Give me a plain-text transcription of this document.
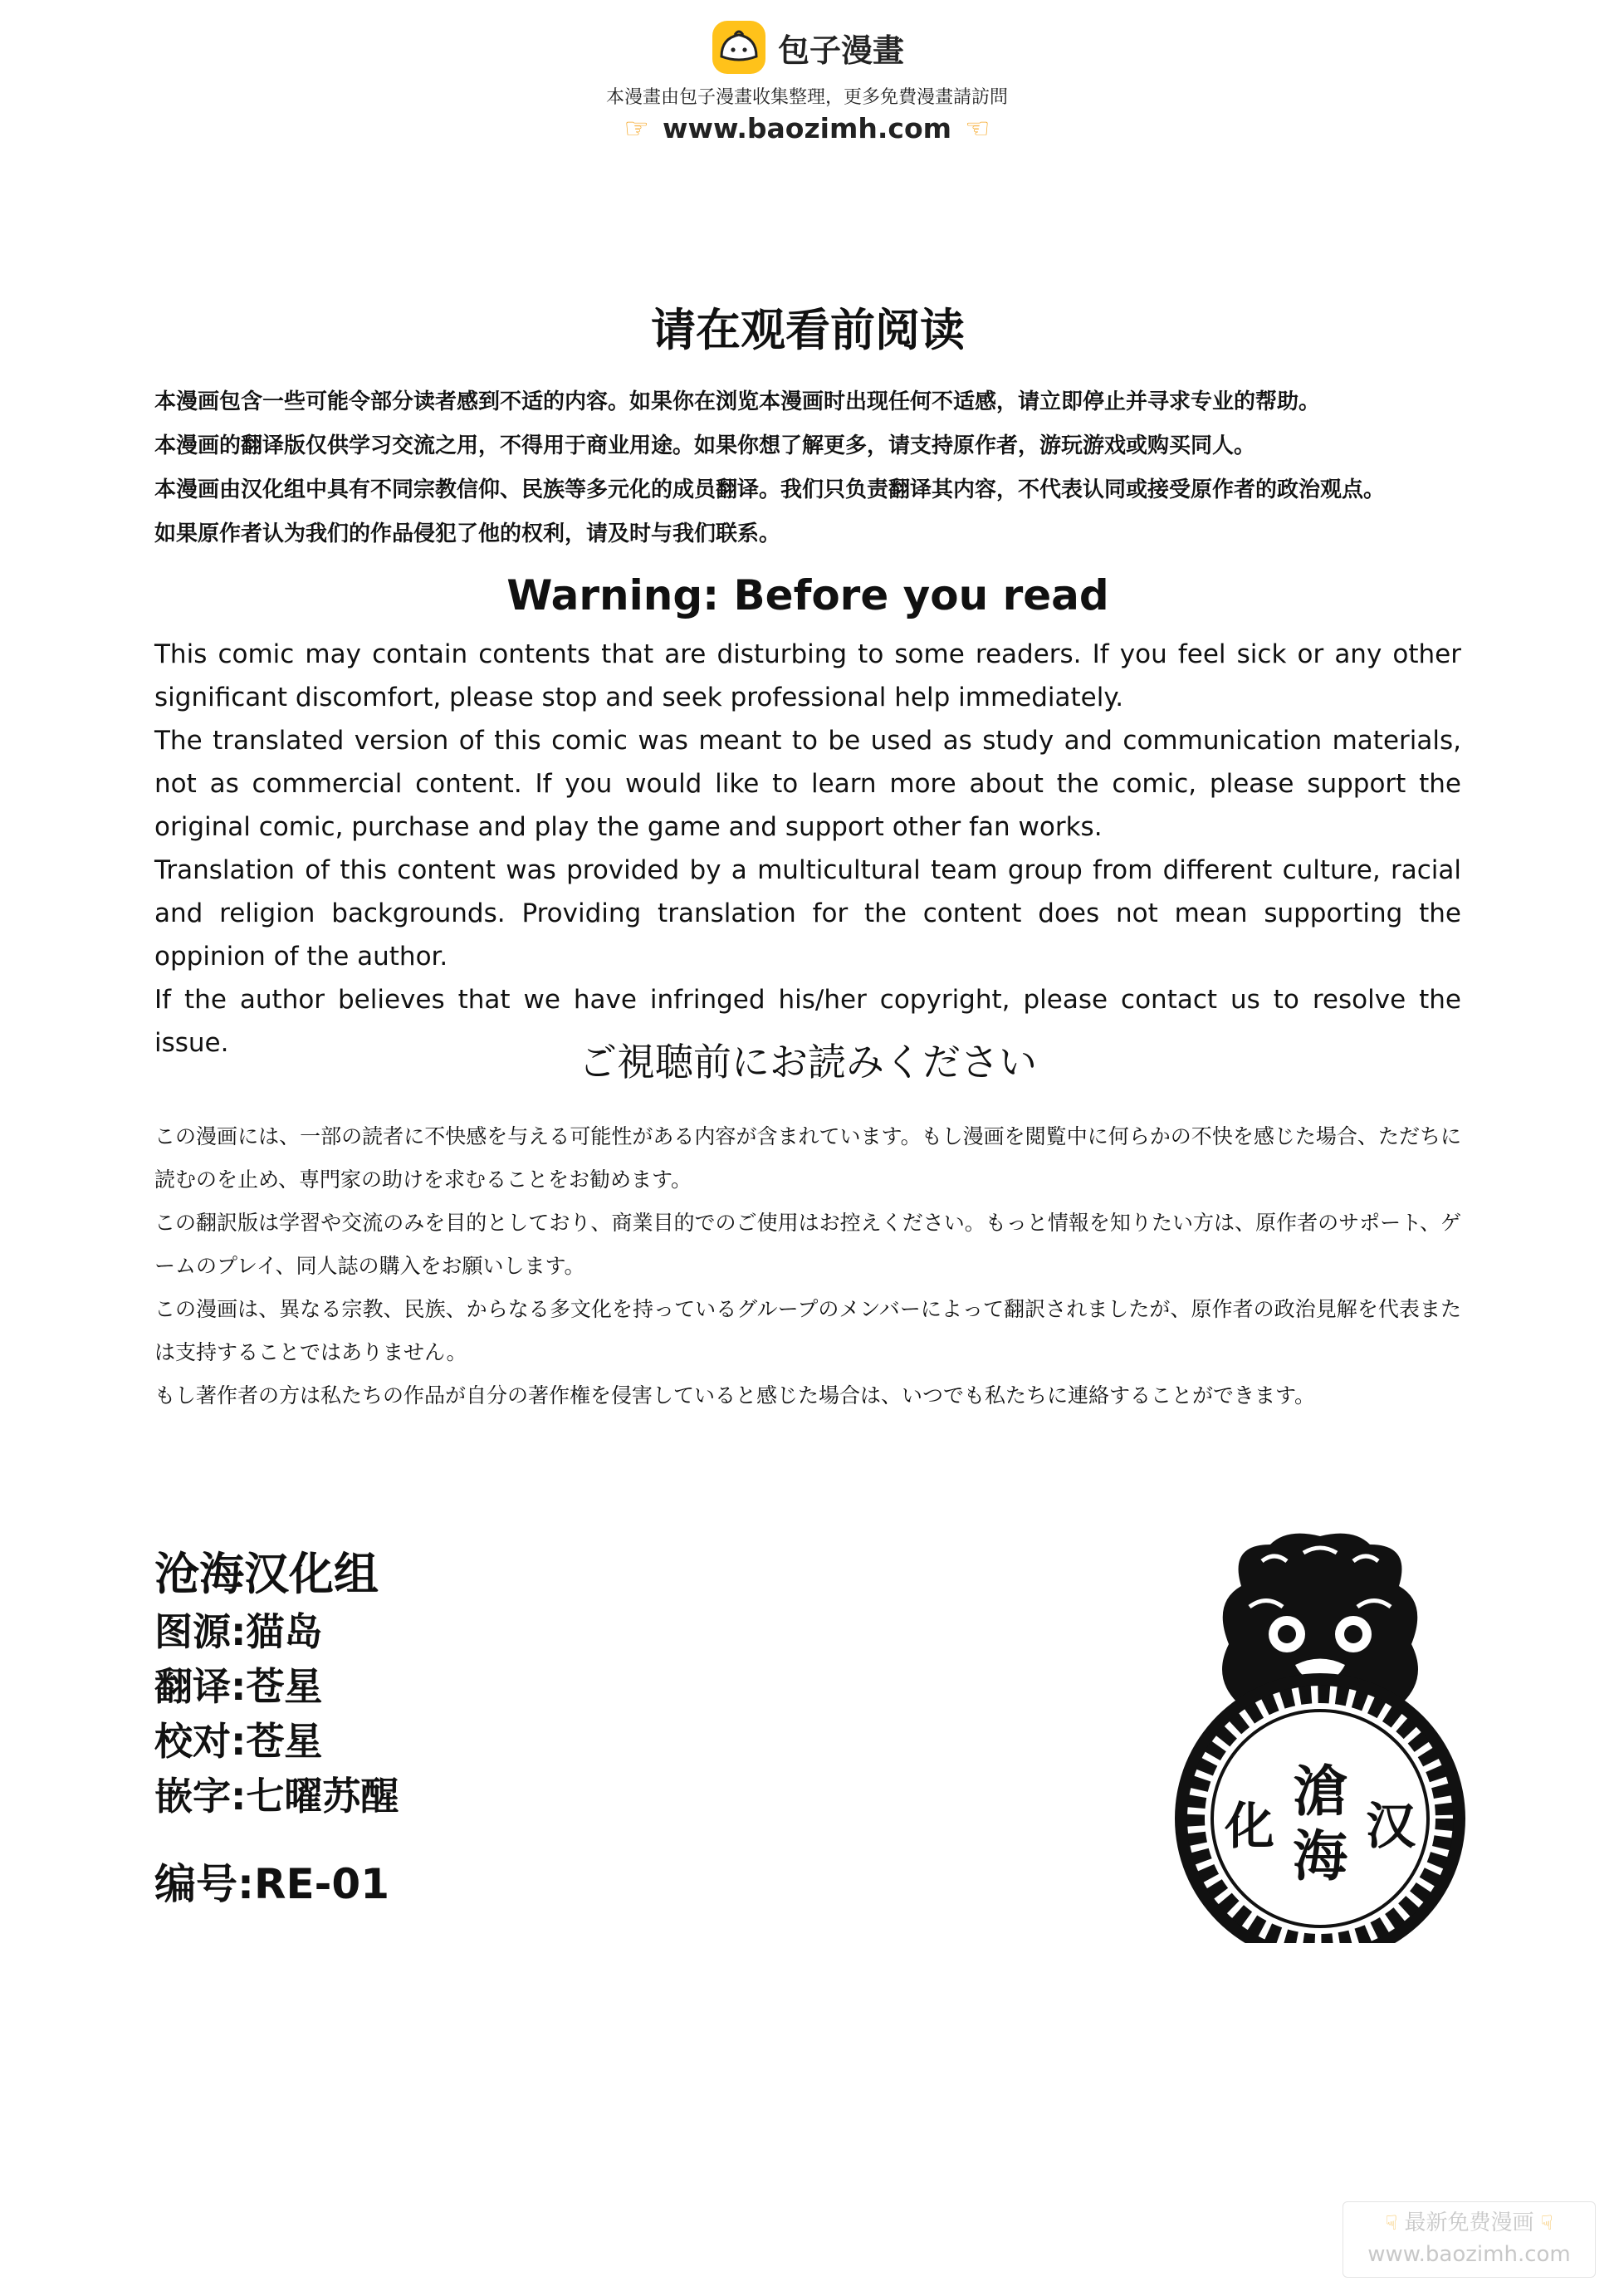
包子漫畫
本漫畫由包子漫畫收集整理，更多免費漫畫請訪問
☞ www.baozimh.com ☜
请在观看前阅读

本漫画包含一些可能令部分读者感到不适的内容。如果你在浏览本漫画时出现任何不适感，请立即停止并寻求专业的帮助。

本漫画的翻译版仅供学习交流之用，不得用于商业用途。如果你想了解更多，请支持原作者，游玩游戏或购买同人。

本漫画由汉化组中具有不同宗教信仰、民族等多元化的成员翻译。我们只负责翻译其内容，不代表认同或接受原作者的政治观点。

如果原作者认为我们的作品侵犯了他的权利，请及时与我们联系。

Warning: Before you read

This comic may contain contents that are disturbing to some readers. If you feel sick or any other significant discomfort, please stop and seek professional help immediately.

The translated version of this comic was meant to be used as study and communication materials, not as commercial content. If you would like to learn more about the comic, please support the original comic, purchase and play the game and support other fan works.

Translation of this content was provided by a multicultural team group from different culture, racial and religion backgrounds. Providing translation for the content does not mean supporting the oppinion of the author.

If the author believes that we have infringed his/her copyright, please contact us to resolve the issue.	ご視聴前にお読みください

この漫画には、一部の読者に不快感を与える可能性がある内容が含まれています。もし漫画を閲覧中に何らかの不快を感じた場合、ただちに読むのを止め、専門家の助けを求むることをお勧めます。

この翻訳版は学習や交流のみを目的としており、商業目的でのご使用はお控えください。もっと情報を知りたい方は、原作者のサポート、ゲームのプレイ、同人誌の購入をお願いします。

この漫画は、異なる宗教、民族、からなる多文化を持っているグループのメンバーによって翻訳されましたが、原作者の政治見解を代表または支持することではありません。

もし著作者の方は私たちの作品が自分の著作権を侵害していると感じた場合は、いつでも私たちに連絡することができます。

沧海汉化组
图源:猫岛
翻译:苍星
校对:苍星
嵌字:七曜苏醒
编号:RE-01
滄
海 汉
化
☟ 最新免费漫画 ☟
www.baozimh.com
